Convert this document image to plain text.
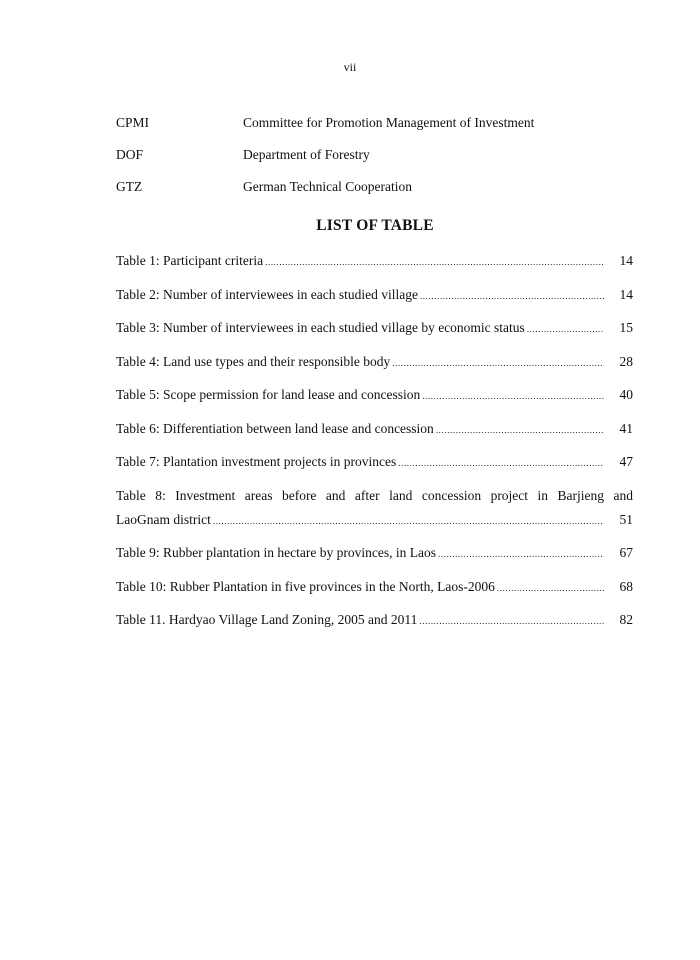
vii
CPMI	Committee for Promotion Management of Investment
DOF	Department of Forestry
GTZ	German Technical Cooperation
LIST OF TABLE
Table 1: Participant criteria .....	14
Table 2: Number of interviewees in each studied village .....	14
Table 3: Number of interviewees in each studied village by economic status .....	15
Table 4: Land use types and their responsible body .....	28
Table 5: Scope permission for land lease and concession .....	40
Table 6: Differentiation between land lease and concession .....	41
Table 7: Plantation investment projects in provinces .....	47
Table 8: Investment areas before and after land concession project in Barjieng and
LaoGnam district .....	51
Table 9: Rubber plantation in hectare by provinces, in Laos .....	67
Table 10: Rubber Plantation in five provinces in the North, Laos-2006 .....	68
Table 11. Hardyao Village Land Zoning, 2005 and 2011 .....	82
